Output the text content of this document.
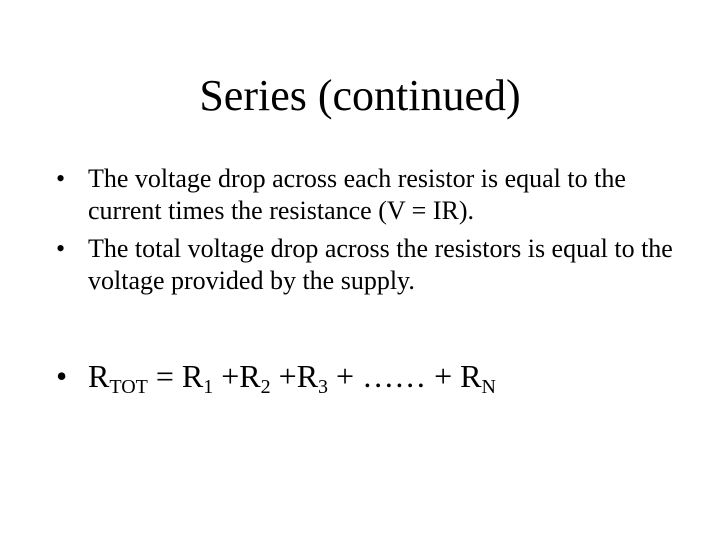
Series (continued)
• The voltage drop across each resistor is equal to the current times the resistance (V = IR).
• The total voltage drop across the resistors is equal to the voltage provided by the supply.
• $R_{TOT} = R_1 +R_2 +R_3$ + …… + $R_N$
